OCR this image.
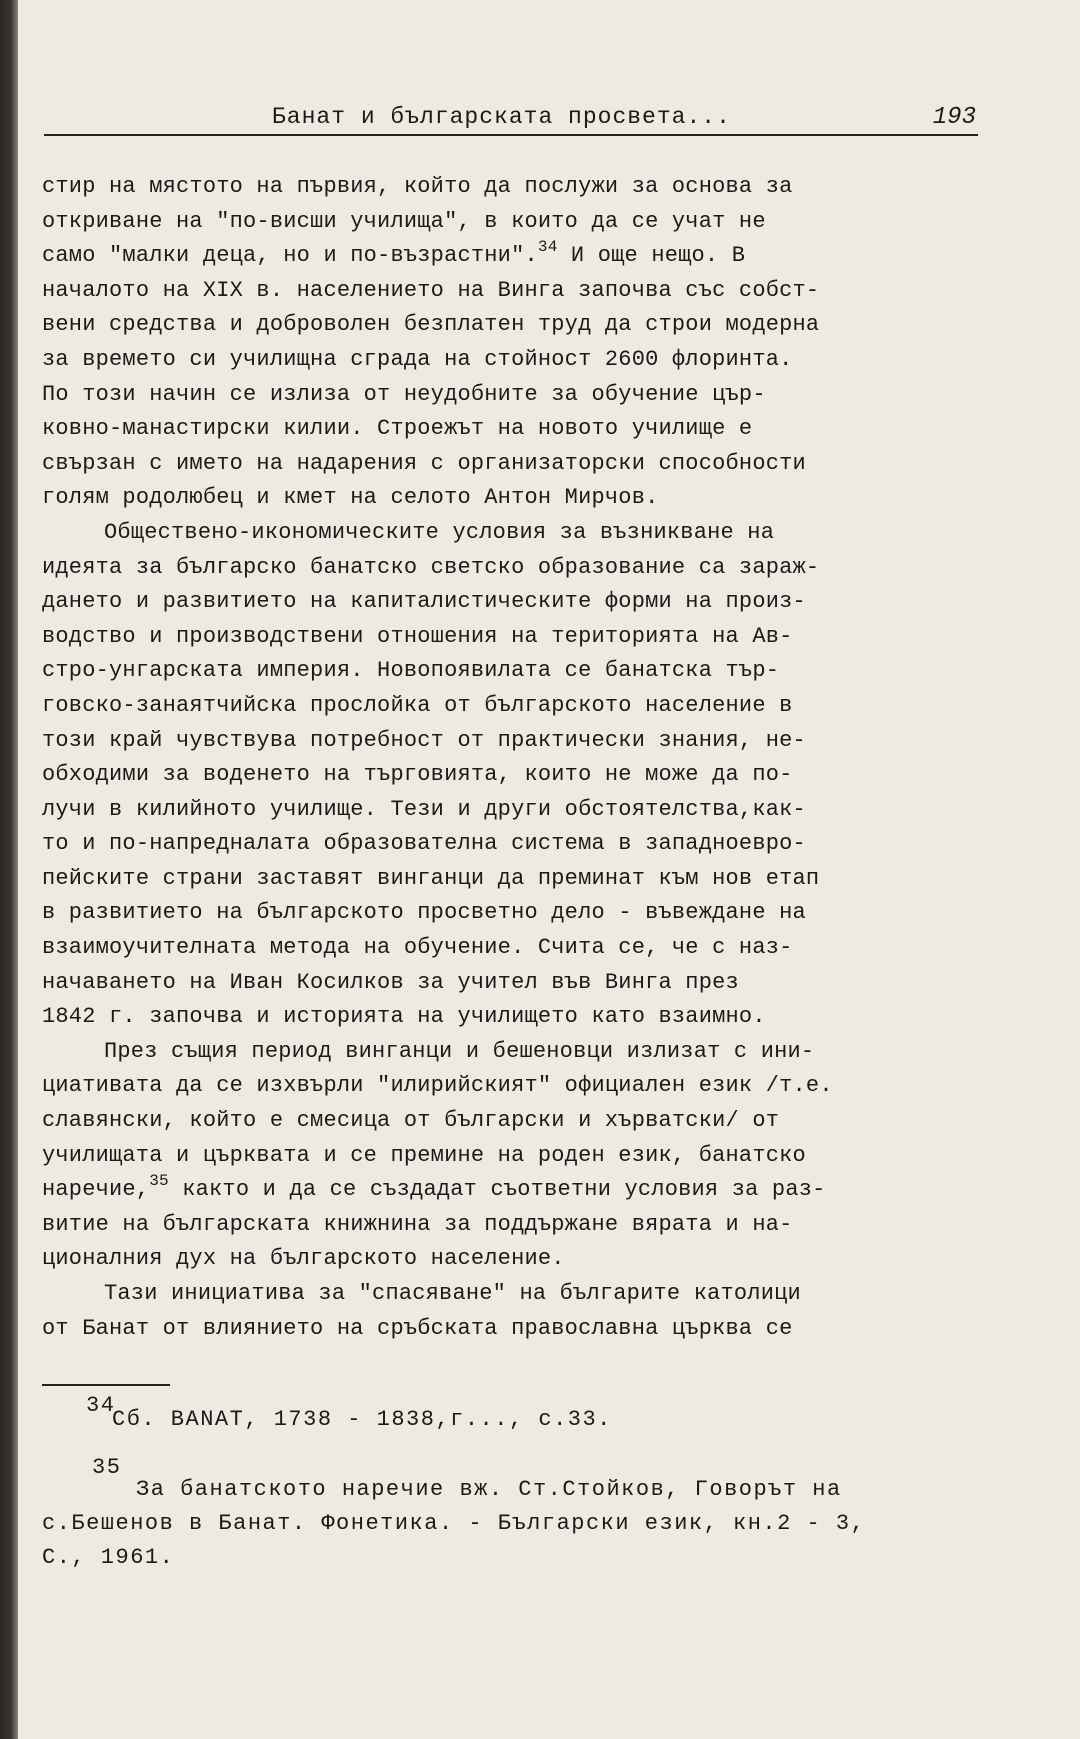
Банат и българската просвета...	193
стир на мястото на първия, който да послужи за основа за
откриване на "по-висши училища", в които да се учат не
само "малки деца, но и по-възрастни".$^{34}$ И още нещо. В
началото на XIX в. населението на Винга започва със собст-
вени средства и доброволен безплатен труд да строи модерна
за времето си училищна сграда на стойност 2600 флоринта.
По този начин се излиза от неудобните за обучение цър-
ковно-манастирски килии. Строежът на новото училище е
свързан с името на надарения с организаторски способности
голям родолюбец и кмет на селото Антон Мирчов.
Обществено-икономическите условия за възникване на
идеята за българско банатско светско образование са зараж-
дането и развитието на капиталистическите форми на произ-
водство и производствени отношения на територията на Ав-
стро-унгарската империя. Новопоявилата се банатска тър-
говско-занаятчийска прослойка от българското население в
този край чувствува потребност от практически знания, не-
обходими за воденето на търговията, които не може да по-
лучи в килийното училище. Тези и други обстоятелства,как-
то и по-напредналата образователна система в западноевро-
пейските страни заставят винганци да преминат към нов етап
в развитието на българското просветно дело - въвеждане на
взаимоучителната метода на обучение. Счита се, че с наз-
начаването на Иван Косилков за учител във Винга през
1842 г. започва и историята на училището като взаимно.
През същия период винганци и бешеновци излизат с ини-
циативата да се изхвърли "илирийският" официален език /т.е.
славянски, който е смесица от български и хърватски/ от
училищата и църквата и се премине на роден език, банатско
наречие,$^{35}$ както и да се създадат съответни условия за раз-
витие на българската книжнина за поддържане вярата и на-
ционалния дух на българското население.
Тази инициатива за "спасяване" на българите католици
от Банат от влиянието на сръбската православна църква се

34

Сб. BANAT, 1738 - 1838,г..., с.33.

35

За банатското наречие вж. Ст.Стойков, Говорът на

с.Бешенов в Банат. Фонетика. - Български език, кн.2 - 3,

С., 1961.
